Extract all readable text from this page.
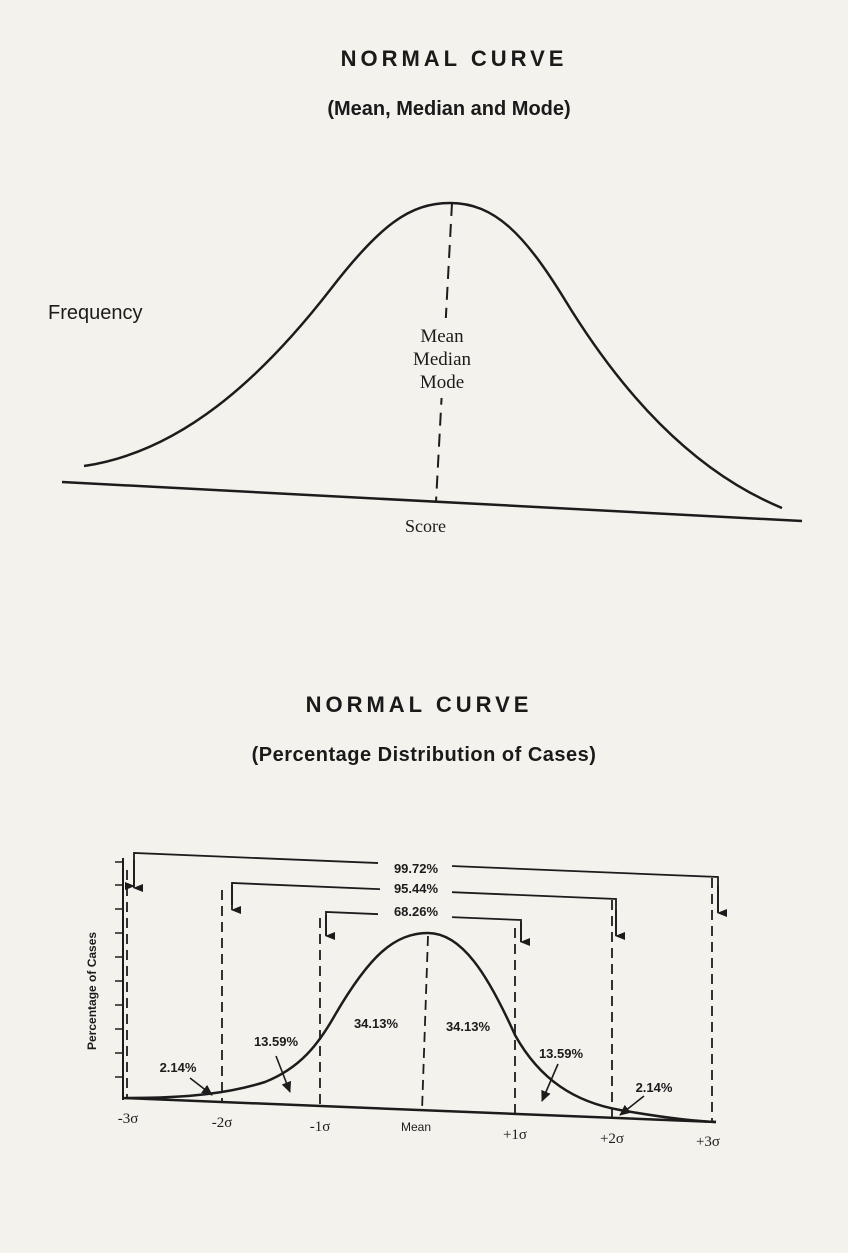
NORMAL CURVE
(Mean, Median and Mode)
NORMAL CURVE
(Percentage Distribution of Cases)
Frequency
Score
Mean
Median
Mode
Percentage of Cases
99.72%
95.44%
68.26%
2.14%
13.59%
34.13%	34.13%
13.59%
2.14%
-3σ	-2σ	-1σ	Mean	+1σ	+2σ	+3σ
